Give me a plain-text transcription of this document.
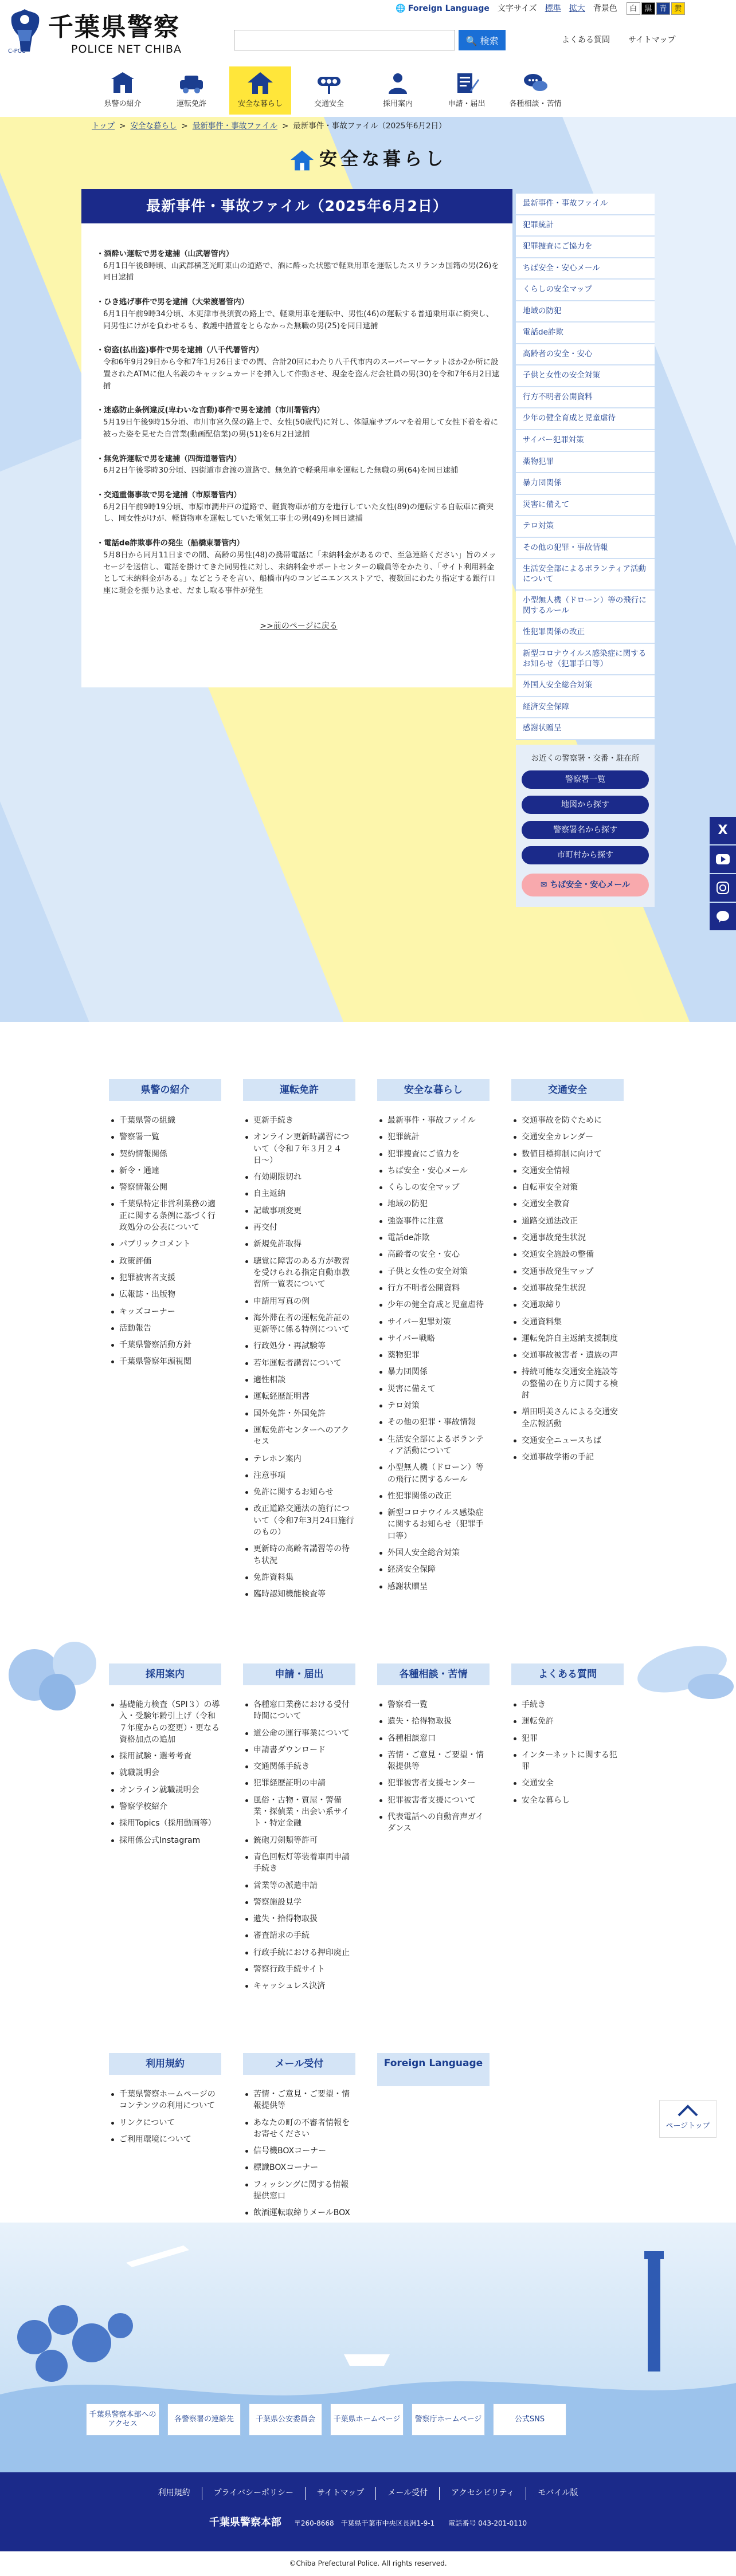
千葉県警察
POLICE NET CHIBA
C-PCC
🌐 Foreign Language 文字サイズ 標準 拡大 背景色	白 黒 青 黄
🔍 検索	よくある質問 サイトマップ
県警の紹介	運転免許	安全な暮らし	交通安全	採用案内	申請・届出	各種相談・苦情
トップ > 安全な暮らし > 最新事件・事故ファイル > 最新事件・事故ファイル（2025年6月2日）
安全な暮らし
最新事件・事故ファイル（2025年6月2日）
・酒酔い運転で男を逮捕（山武署管内）
6月1日午後8時頃、山武郡横芝光町東山の道路で、酒に酔った状態で軽乗用車を運転したスリランカ国籍の男(26)を同日逮捕
・ひき逃げ事件で男を逮捕（大栄渡署管内）
6月1日午前9時34分頃、木更津市長須賀の路上で、軽乗用車を運転中、男性(46)の運転する普通乗用車に衝突し、同男性にけがを負わせるも、救護中措置をとらなかった無職の男(25)を同日逮捕
・窃盗(払出盗)事件で男を逮捕（八千代署管内）
令和6年9月29日から令和7年1月26日までの間、合計20回にわたり八千代市内のスーパーマーケットほか2か所に設置されたATMに他人名義のキャッシュカードを挿入して作動させ、現金を盗んだ会社員の男(30)を令和7年6月2日逮捕
・迷惑防止条例違反(卑わいな言動)事件で男を逮捕（市川署管内）
5月19日午後9時15分頃、市川市宮久保の路上で、女性(50歳代)に対し、体隠雇サブルマを着用して女性下着を着に被った姿を見せた自営業(動画配信業)の男(51)を6月2日逮捕
・無免許運転で男を逮捕（四街道署管内）
6月2日午後零時30分頃、四街道市倉渡の道路で、無免許で軽乗用車を運転した無職の男(64)を同日逮捕
・交通重傷事故で男を逮捕（市原署管内）
6月2日午前9時19分頃、市原市潤井戸の道路で、軽貨物車が前方を進行していた女性(89)の運転する自転車に衝突し、同女性がけが、軽貨物車を運転していた電気工事士の男(49)を同日逮捕
・電話de詐欺事件の発生（船橋東署管内）
5月8日から同月11日までの間、高齢の男性(48)の携帯電話に「未納料金があるので、至急連絡ください」旨のメッセージを送信し、電話を掛けてきた同男性に対し、未納料金サポートセンターの職員等をかたり、「サイト利用料金として未納料金がある。」などとうそを言い、船橋市内のコンビニエンスストアで、複数回にわたり指定する銀行口座に現金を振り込ませ、だまし取る事件が発生
>>前のページに戻る
最新事件・事故ファイル
犯罪統計
犯罪捜査にご協力を
ちば安全・安心メール
くらしの安全マップ
地域の防犯
電話de詐欺
高齢者の安全・安心
子供と女性の安全対策
行方不明者公開資料
少年の健全育成と児童虐待
サイバー犯罪対策
薬物犯罪
暴力団関係
災害に備えて
テロ対策
その他の犯罪・事故情報
生活安全部によるボランティア活動について
小型無人機（ドローン）等の飛行に関するルール
性犯罪関係の改正
新型コロナウイルス感染症に関するお知らせ（犯罪手口等）
外国人安全総合対策
経済安全保障
感謝状贈呈
お近くの警察署・交番・駐在所
警察署一覧
地図から探す
警察署名から探す
市町村から探す
✉ ちば安全・安心メール
X
県警の紹介
千葉県警の組織
警察署一覧
契約情報関係
新令・通達
警察情報公開
千葉県特定非営利業務の適正に関する条例に基づく行政処分の公表について
パブリックコメント
政策評価
犯罪被害者支援
広報誌・出版物
キッズコーナー
活動報告
千葉県警察活動方針
千葉県警察年頭視閲
運転免許
更新手続き
オンライン更新時講習について（令和７年３月２４日〜）
有効期限切れ
自主返納
記載事項変更
再交付
新規免許取得
聴覚に障害のある方が教習を受けられる指定自動車教習所一覧表について
申請用写真の例
海外滞在者の運転免許証の更新等に係る特例について
行政処分・再試験等
若年運転者講習について
適性相談
運転経歴証明書
国外免許・外国免許
運転免許センターへのアクセス
テレホン案内
注意事項
免許に関するお知らせ
改正道路交通法の施行について（令和7年3月24日施行のもの）
更新時の高齢者講習等の待ち状況
免許資料集
臨時認知機能検査等
安全な暮らし
最新事件・事故ファイル
犯罪統計
犯罪捜査にご協力を
ちば安全・安心メール
くらしの安全マップ
地域の防犯
強盗事件に注意
電話de詐欺
高齢者の安全・安心
子供と女性の安全対策
行方不明者公開資料
少年の健全育成と児童虐待
サイバー犯罪対策
サイバー戦略
薬物犯罪
暴力団関係
災害に備えて
テロ対策
その他の犯罪・事故情報
生活安全部によるボランティア活動について
小型無人機（ドローン）等の飛行に関するルール
性犯罪関係の改正
新型コロナウイルス感染症に関するお知らせ（犯罪手口等）
外国人安全総合対策
経済安全保障
感謝状贈呈
交通安全
交通事故を防ぐために
交通安全カレンダー
数値目標抑制に向けて
交通安全情報
自転車安全対策
交通安全教育
道路交通法改正
交通事故発生状況
交通安全施設の整備
交通事故発生マップ
交通事故発生状況
交通取締り
交通資料集
運転免許自主返納支援制度
交通事故被害者・遺族の声
持続可能な交通安全施設等の整備の在り方に関する検討
増田明美さんによる交通安全広報活動
交通安全ニュースちば
交通事故学術の手記
採用案内
基礎能力検査（SPI３）の導入・受験年齢引上げ（令和７年度からの変更）・更なる資格加点の追加
採用試験・選考考査
就職説明会
オンライン就職説明会
警察学校紹介
採用Topics（採用動画等）
採用係公式Instagram
申請・届出
各種窓口業務における受付時間について
道公命の運行事業について
申請書ダウンロード
交通関係手続き
犯罪経歴証明の申請
風俗・古物・質屋・警備業・探偵業・出会い系サイト・特定金融
銃砲刀剣類等許可
青色回転灯等装着車両申請手続き
営業等の派遣申請
警察施設見学
遺失・拾得物取扱
審査請求の手続
行政手続における押印廃止
警察行政手続サイト
キャッシュレス決済
各種相談・苦情
警察看一覧
遺失・拾得物取扱
各種相談窓口
苦情・ご意見・ご要望・情報提供等
犯罪被害者支援センター
犯罪被害者支援について
代表電話への自動音声ガイダンス
よくある質問
手続き
運転免許
犯罪
インターネットに関する犯罪
交通安全
安全な暮らし
利用規約
千葉県警察ホームページのコンテンツの利用について
リンクについて
ご利用環境について
メール受付
苦情・ご意見・ご要望・情報提供等
あなたの町の不審者情報をお寄せください
信号機BOXコーナー
標識BOXコーナー
フィッシングに関する情報提供窓口
飲酒運転取締りメールBOX
Foreign Language

ページトップ
千葉県警察本部へのアクセス
各警察署の連絡先	千葉県公安委員会	千葉県ホームページ	警察庁ホームページ	公式SNS
利用規約	プライバシーポリシー	サイトマップ	メール受付	アクセシビリティ	モバイル版
千葉県警察本部 〒260-8668　千葉県千葉市中央区長洲1-9-1　　 電話番号 043-201-0110
©Chiba Prefectural Police. All rights reserved.
